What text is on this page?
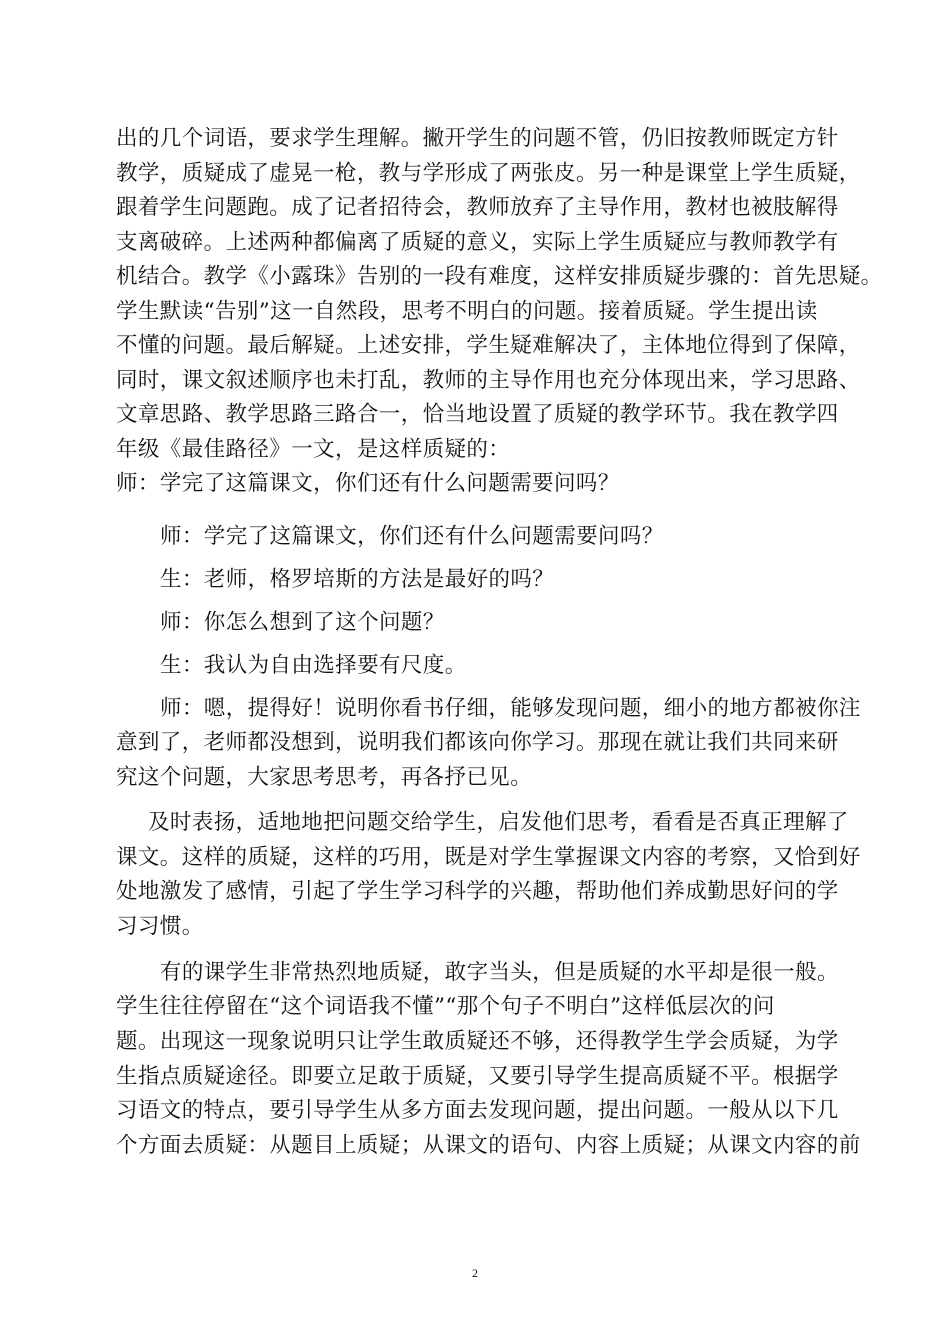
出的几个词语，要求学生理解。撇开学生的问题不管，仍旧按教师既定方针
教学，质疑成了虚晃一枪，教与学形成了两张皮。另一种是课堂上学生质疑，
跟着学生问题跑。成了记者招待会，教师放弃了主导作用，教材也被肢解得
支离破碎。上述两种都偏离了质疑的意义，实际上学生质疑应与教师教学有
机结合。教学《小露珠》告别的一段有难度，这样安排质疑步骤的：首先思疑。
学生默读“告别”这一自然段，思考不明白的问题。接着质疑。学生提出读
不懂的问题。最后解疑。上述安排，学生疑难解决了，主体地位得到了保障，
同时，课文叙述顺序也未打乱，教师的主导作用也充分体现出来，学习思路、
文章思路、教学思路三路合一，恰当地设置了质疑的教学环节。我在教学四
年级《最佳路径》一文，是这样质疑的：
师：学完了这篇课文，你们还有什么问题需要问吗？
师：学完了这篇课文，你们还有什么问题需要问吗？
生：老师，格罗培斯的方法是最好的吗？
师：你怎么想到了这个问题？
生：我认为自由选择要有尺度。
师：嗯，提得好！说明你看书仔细，能够发现问题，细小的地方都被你注
意到了，老师都没想到，说明我们都该向你学习。那现在就让我们共同来研
究这个问题，大家思考思考，再各抒已见。
及时表扬，适地地把问题交给学生，启发他们思考，看看是否真正理解了
课文。这样的质疑，这样的巧用，既是对学生掌握课文内容的考察，又恰到好
处地激发了感情，引起了学生学习科学的兴趣，帮助他们养成勤思好问的学
习习惯。
有的课学生非常热烈地质疑，敢字当头，但是质疑的水平却是很一般。
学生往往停留在“这个词语我不懂”“那个句子不明白”这样低层次的问
题。出现这一现象说明只让学生敢质疑还不够，还得教学生学会质疑，为学
生指点质疑途径。即要立足敢于质疑，又要引导学生提高质疑不平。根据学
习语文的特点，要引导学生从多方面去发现问题，提出问题。一般从以下几
个方面去质疑：从题目上质疑；从课文的语句、内容上质疑；从课文内容的前
2
